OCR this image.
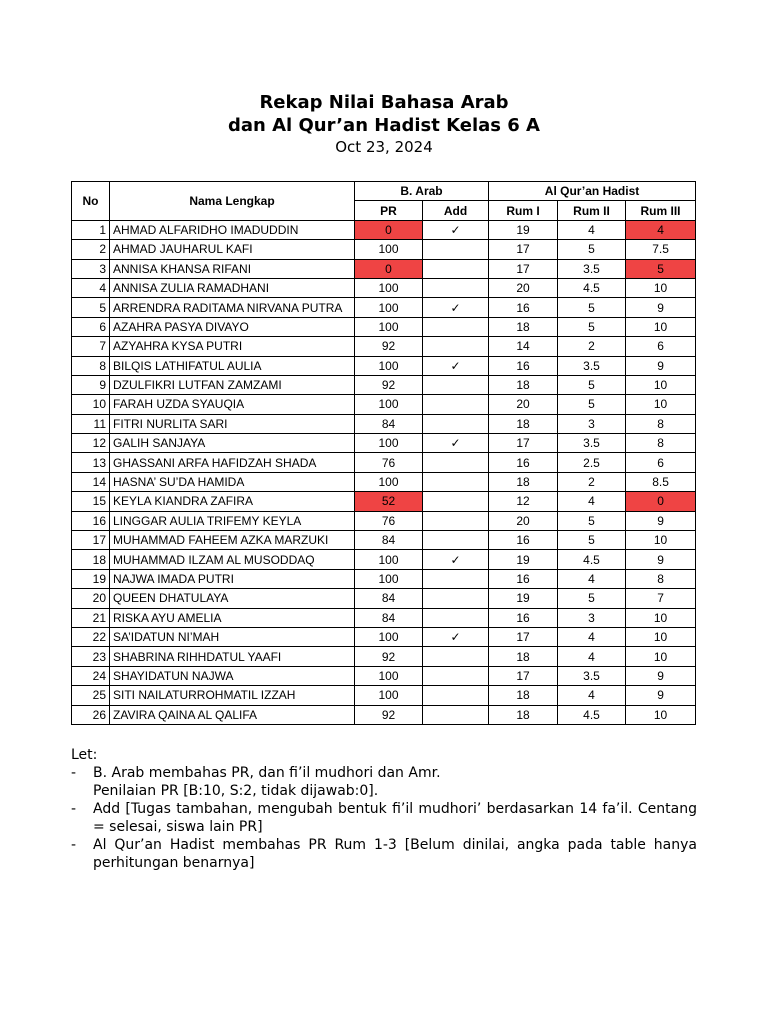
Rekap Nilai Bahasa Arab
dan Al Qur’an Hadist Kelas 6 A
Oct 23, 2024
No	Nama Lengkap	B. Arab		Al Qur’an Hadist		
		PR	Add	Rum I	Rum II	Rum III
1	AHMAD ALFARIDHO IMADUDDIN	0	✓	19	4	4
2	AHMAD JAUHARUL KAFI	100		17	5	7.5
3	ANNISA KHANSA RIFANI	0		17	3.5	5
4	ANNISA ZULIA RAMADHANI	100		20	4.5	10
5	ARRENDRA RADITAMA NIRVANA PUTRA	100	✓	16	5	9
6	AZAHRA PASYA DIVAYO	100		18	5	10
7	AZYAHRA KYSA PUTRI	92		14	2	6
8	BILQIS LATHIFATUL AULIA	100	✓	16	3.5	9
9	DZULFIKRI LUTFAN ZAMZAMI	92		18	5	10
10	FARAH UZDA SYAUQIA	100		20	5	10
11	FITRI NURLITA SARI	84		18	3	8
12	GALIH SANJAYA	100	✓	17	3.5	8
13	GHASSANI ARFA HAFIDZAH SHADA	76		16	2.5	6
14	HASNA’ SU’DA HAMIDA	100		18	2	8.5
15	KEYLA KIANDRA ZAFIRA	52		12	4	0
16	LINGGAR AULIA TRIFEMY KEYLA	76		20	5	9
17	MUHAMMAD FAHEEM AZKA MARZUKI	84		16	5	10
18	MUHAMMAD ILZAM AL MUSODDAQ	100	✓	19	4.5	9
19	NAJWA IMADA PUTRI	100		16	4	8
20	QUEEN DHATULAYA	84		19	5	7
21	RISKA AYU AMELIA	84		16	3	10
22	SA’IDATUN NI’MAH	100	✓	17	4	10
23	SHABRINA RIHHDATUL YAAFI	92		18	4	10
24	SHAYIDATUN NAJWA	100		17	3.5	9
25	SITI NAILATURROHMATIL IZZAH	100		18	4	9
26	ZAVIRA QAINA AL QALIFA	92		18	4.5	10
Let:
- B. Arab membahas PR, dan fi’il mudhori dan Amr.
Penilaian PR [B:10, S:2, tidak dijawab:0].
- Add [Tugas tambahan, mengubah bentuk fi’il mudhori’ berdasarkan 14 fa’il. Centang = selesai, siswa lain PR]
- Al Qur’an Hadist membahas PR Rum 1-3 [Belum dinilai, angka pada table hanya perhitungan benarnya]
